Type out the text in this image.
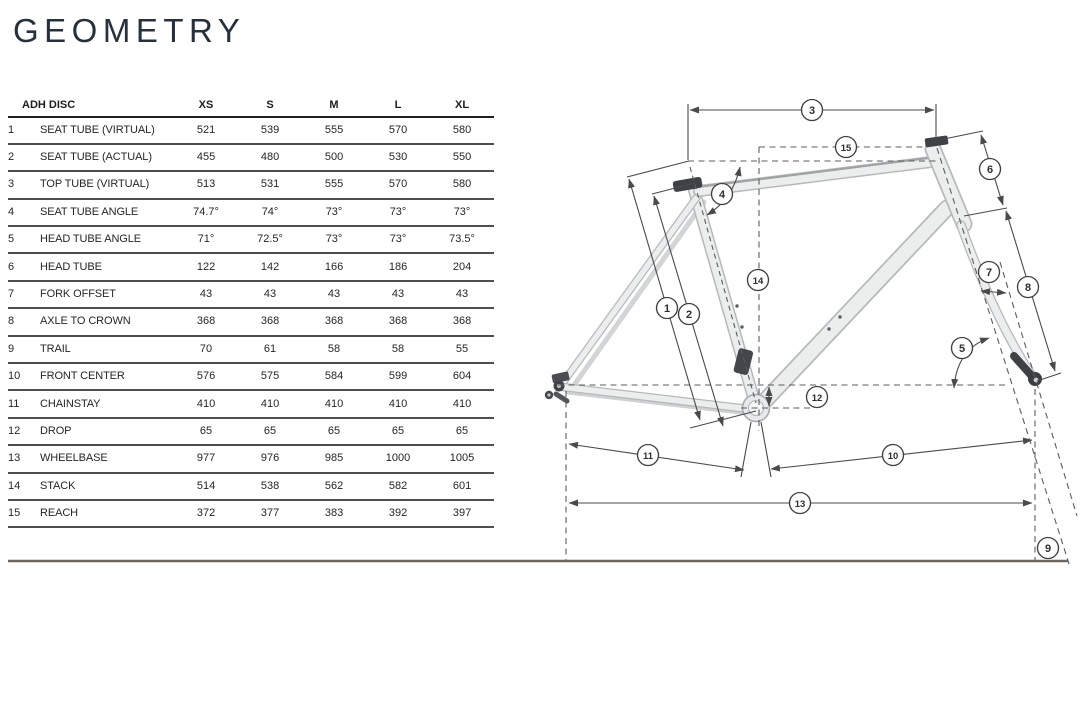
GEOMETRY
ADH DISC		XS	S	M	L	XL
1	SEAT TUBE (VIRTUAL)	521	539	555	570	580
2	SEAT TUBE (ACTUAL)	455	480	500	530	550
3	TOP TUBE (VIRTUAL)	513	531	555	570	580
4	SEAT TUBE ANGLE	74.7°	74°	73°	73°	73°
5	HEAD TUBE ANGLE	71°	72.5°	73°	73°	73.5°
6	HEAD TUBE	122	142	166	186	204
7	FORK OFFSET	43	43	43	43	43
8	AXLE TO CROWN	368	368	368	368	368
9	TRAIL	70	61	58	58	55
10	FRONT CENTER	576	575	584	599	604
11	CHAINSTAY	410	410	410	410	410
12	DROP	65	65	65	65	65
13	WHEELBASE	977	976	985	1000	1005
14	STACK	514	538	562	582	601
15	REACH	372	377	383	392	397
1 2
3
4
5
6
7
8
9
10
11
12
13
14
15
